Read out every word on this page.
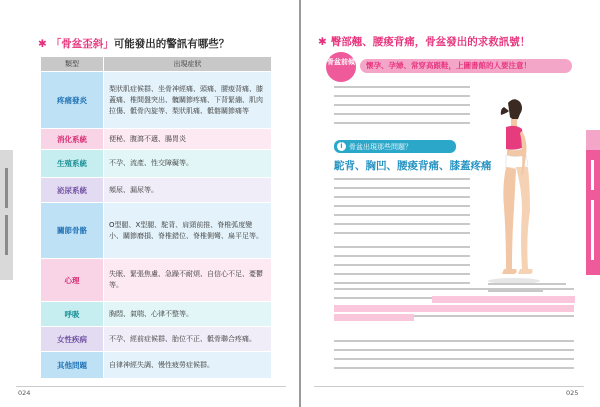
✱ 「骨盆歪斜」可能發出的警訊有哪些？
類型	出現症狀
疼痛發炎	梨狀肌症候群、坐骨神經痛、頭痛、腰痠背痛、膝蓋痛、椎間盤突出、髖關節疼痛、下背緊繃、肌肉拉傷、骶骨內旋等、梨狀肌痛、骶髂關節痛等
消化系統	便秘、腹瀉不適、腸胃炎
生殖系統	不孕、流產、性交障礙等。
泌尿系統	頻尿、漏尿等。
關節骨骼	O型腿、X型腿、駝背、肩頸前推、脊椎弧度變小、關節磨損、脊椎錯位、脊椎側彎、扁平足等。
心理	失眠、緊張焦慮、急躁不耐煩、自信心不足、憂鬱等。
呼吸	胸悶、氣喘、心律不整等。
女性疾病	不孕、經前症候群、胎位不正、骶骨聯合疼痛。
其他問題	自律神經失調、慢性疲勞症候群。
024
✱ 臀部翹、腰痠背痛，骨盆發出的求救訊號！
骨盆前傾 懷孕、孕婦、常穿高跟鞋，上圖書館的人要注意！
i 骨盆出現那些問題？
駝背、胸凹、腰痠背痛、膝蓋疼痛
025
